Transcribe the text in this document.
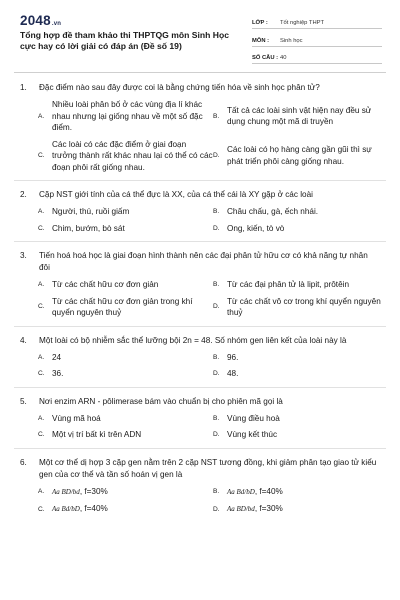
2048.vn
Tổng hợp đề tham khảo thi THPTQG môn Sinh Học cực hay có lời giải có đáp án (Đề số 19)
LỚP :	Tốt nghiệp THPT
MÔN :	Sinh học
SỐ CÂU : 40
1.	Đặc điểm nào sau đây được coi là bằng chứng tiến hóa về sinh học phân tử?
A.
Nhiều loài phân bố ở các vùng địa lí khác nhau nhưng lại giống nhau về một số đặc điểm.
B.
Tất cả các loài sinh vật hiện nay đều sử dụng chung một mã di truyền
C.
Các loài có các đặc điểm ở giai đoạn trưởng thành rất khác nhau lại có thể có các đoạn phôi rất giống nhau.
D.
Các loài có họ hàng càng gần gũi thì sự phát triển phôi càng giống nhau.
2.	Cặp NST giới tính của cá thể đực là XX, của cá thể cái là XY gặp ở các loài
A. Người, thú, ruồi giấm	B. Châu chấu, gà, ếch nhái.
C. Chim, bướm, bò sát	D. Ong, kiến, tò vò
3.	Tiến hoá hoá học là giai đoạn hình thành nên các đại phân tử hữu cơ có khả năng tự nhân đôi
A. Từ các chất hữu cơ đơn giản	B. Từ các đại phân tử là lipit, prôtêin
C.
Từ các chất hữu cơ đơn giản trong khí quyển nguyên thuỷ
D.
Từ các chất vô cơ trong khí quyển nguyên thuỷ
4.	Một loài có bộ nhiễm sắc thể lưỡng bội 2n = 48. Số nhóm gen liên kết của loài này là
A. 24	B. 96.
C. 36.	D. 48.
5.	Nơi enzim ARN - pôlimerase bám vào chuẩn bị cho phiên mã gọi là
A. Vùng mã hoá	B. Vùng điều hoà
C. Một vị trí bất kì trên ADN	D. Vùng kết thúc
6.	Một cơ thể dị hợp 3 cặp gen nằm trên 2 cặp NST tương đồng, khi giảm phân tạo giao tử kiểu gen của cơ thể và tần số hoán vị gen là
A.	Aa BD/bd, f=30%	B.	Aa Bd/bD, f=40%
C.	Aa Bd/bD, f=40%	D.	Aa BD/bd, f=30%
